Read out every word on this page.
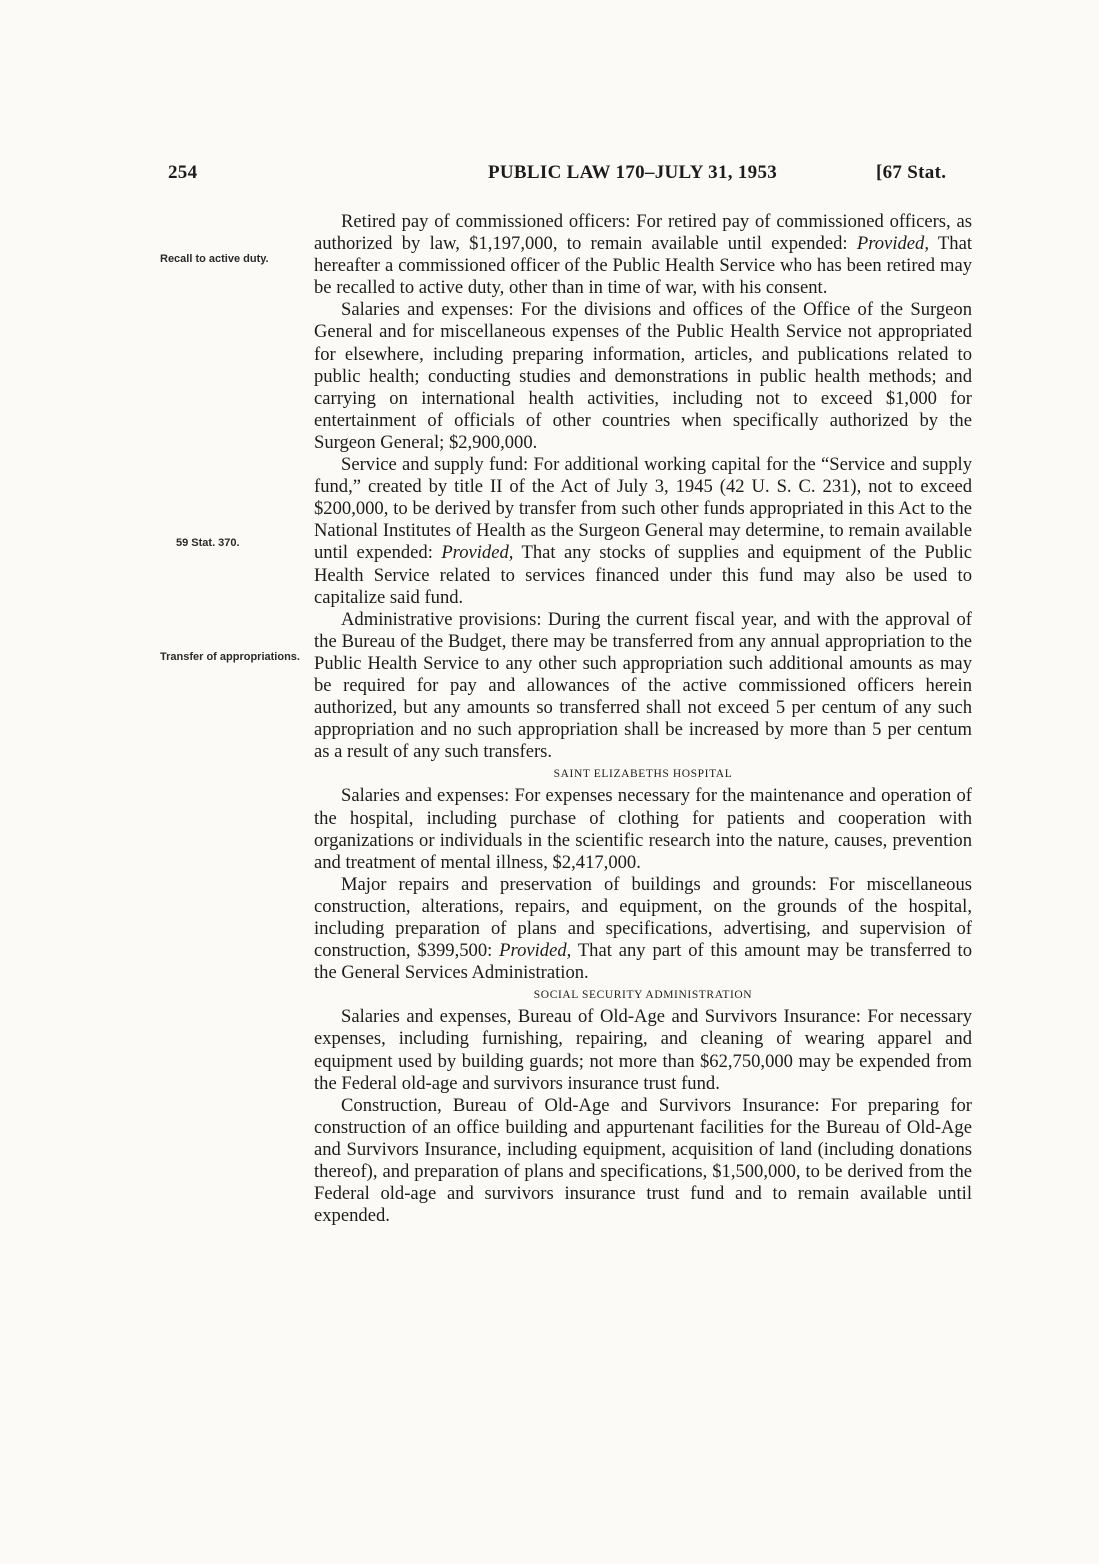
254	PUBLIC LAW 170–JULY 31, 1953	[67 Stat.
Recall to active duty.
59 Stat. 370.
Transfer of appropriations.

Retired pay of commissioned officers: For retired pay of commissioned officers, as authorized by law, $1,197,000, to remain available until expended: Provided, That hereafter a commissioned officer of the Public Health Service who has been retired may be recalled to active duty, other than in time of war, with his consent.

Salaries and expenses: For the divisions and offices of the Office of the Surgeon General and for miscellaneous expenses of the Public Health Service not appropriated for elsewhere, including preparing information, articles, and publications related to public health; conducting studies and demonstrations in public health methods; and carrying on international health activities, including not to exceed $1,000 for entertainment of officials of other countries when specifically authorized by the Surgeon General; $2,900,000.

Service and supply fund: For additional working capital for the “Service and supply fund,” created by title II of the Act of July 3, 1945 (42 U. S. C. 231), not to exceed $200,000, to be derived by transfer from such other funds appropriated in this Act to the National Institutes of Health as the Surgeon General may determine, to remain available until expended: Provided, That any stocks of supplies and equipment of the Public Health Service related to services financed under this fund may also be used to capitalize said fund.

Administrative provisions: During the current fiscal year, and with the approval of the Bureau of the Budget, there may be transferred from any annual appropriation to the Public Health Service to any other such appropriation such additional amounts as may be required for pay and allowances of the active commissioned officers herein authorized, but any amounts so transferred shall not exceed 5 per centum of any such appropriation and no such appropriation shall be increased by more than 5 per centum as a result of any such transfers.

SAINT ELIZABETHS HOSPITAL

Salaries and expenses: For expenses necessary for the maintenance and operation of the hospital, including purchase of clothing for patients and cooperation with organizations or individuals in the scientific research into the nature, causes, prevention and treatment of mental illness, $2,417,000.

Major repairs and preservation of buildings and grounds: For miscellaneous construction, alterations, repairs, and equipment, on the grounds of the hospital, including preparation of plans and specifications, advertising, and supervision of construction, $399,500: Provided, That any part of this amount may be transferred to the General Services Administration.

SOCIAL SECURITY ADMINISTRATION

Salaries and expenses, Bureau of Old-Age and Survivors Insurance: For necessary expenses, including furnishing, repairing, and cleaning of wearing apparel and equipment used by building guards; not more than $62,750,000 may be expended from the Federal old-age and survivors insurance trust fund.

Construction, Bureau of Old-Age and Survivors Insurance: For preparing for construction of an office building and appurtenant facilities for the Bureau of Old-Age and Survivors Insurance, including equipment, acquisition of land (including donations thereof), and preparation of plans and specifications, $1,500,000, to be derived from the Federal old-age and survivors insurance trust fund and to remain available until expended.
